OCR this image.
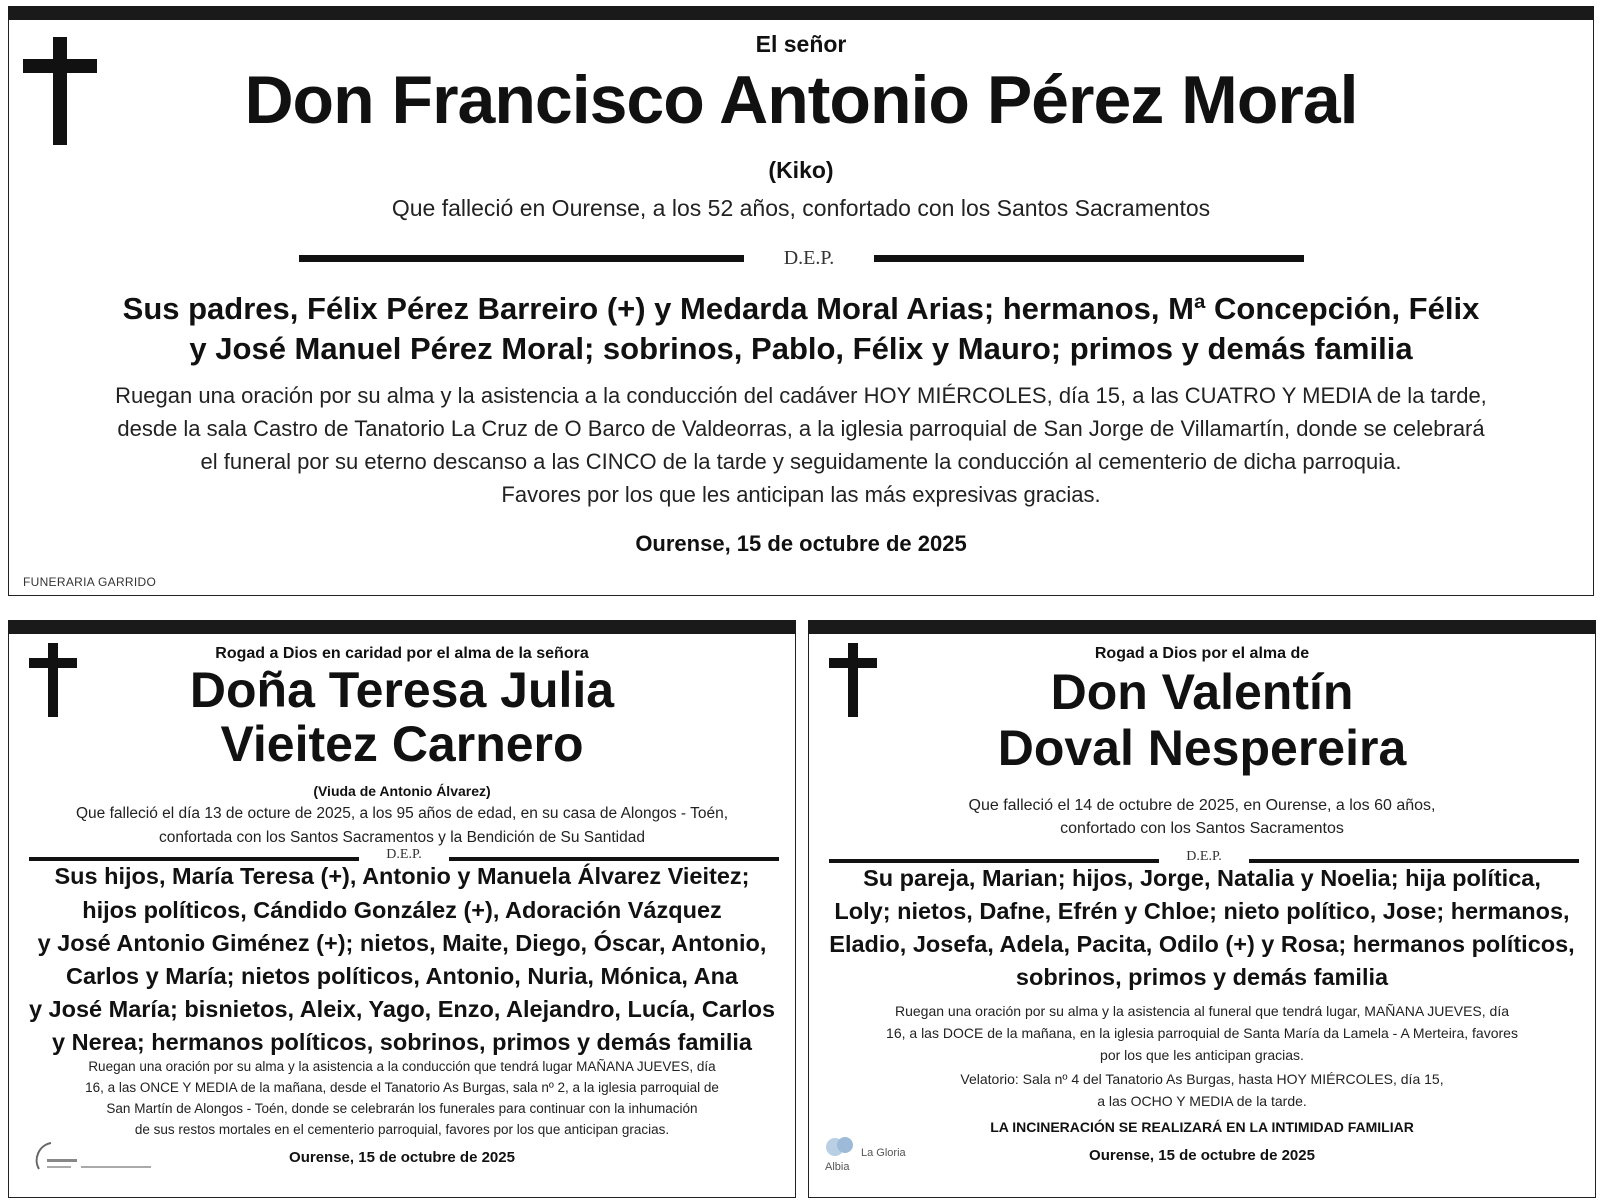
El señor
Don Francisco Antonio Pérez Moral
(Kiko)
Que falleció en Ourense, a los 52 años, confortado con los Santos Sacramentos
D.E.P.
Sus padres, Félix Pérez Barreiro (+) y Medarda Moral Arias; hermanos, Mª Concepción, Félix
y José Manuel Pérez Moral; sobrinos, Pablo, Félix y Mauro; primos y demás familia
Ruegan una oración por su alma y la asistencia a la conducción del cadáver HOY MIÉRCOLES, día 15, a las CUATRO Y MEDIA de la tarde,
desde la sala Castro de Tanatorio La Cruz de O Barco de Valdeorras, a la iglesia parroquial de San Jorge de Villamartín, donde se celebrará
el funeral por su eterno descanso a las CINCO de la tarde y seguidamente la conducción al cementerio de dicha parroquia.
Favores por los que les anticipan las más expresivas gracias.
Ourense, 15 de octubre de 2025
FUNERARIA GARRIDO
Rogad a Dios en caridad por el alma de la señora
Doña Teresa Julia
Vieitez Carnero
(Viuda de Antonio Álvarez)
Que falleció el día 13 de octure de 2025, a los 95 años de edad, en su casa de Alongos - Toén,
confortada con los Santos Sacramentos y la Bendición de Su Santidad
D.E.P.
Sus hijos, María Teresa (+), Antonio y Manuela Álvarez Vieitez;
hijos políticos, Cándido González (+), Adoración Vázquez
y José Antonio Giménez (+); nietos, Maite, Diego, Óscar, Antonio,
Carlos y María; nietos políticos, Antonio, Nuria, Mónica, Ana
y José María; bisnietos, Aleix, Yago, Enzo, Alejandro, Lucía, Carlos
y Nerea; hermanos políticos, sobrinos, primos y demás familia
Ruegan una oración por su alma y la asistencia a la conducción que tendrá lugar MAÑANA JUEVES, día
16, a las ONCE Y MEDIA de la mañana, desde el Tanatorio As Burgas, sala nº 2, a la iglesia parroquial de
San Martín de Alongos - Toén, donde se celebrarán los funerales para continuar con la inhumación
de sus restos mortales en el cementerio parroquial, favores por los que anticipan gracias.
Ourense, 15 de octubre de 2025
Rogad a Dios por el alma de
Don Valentín
Doval Nespereira
Que falleció el 14 de octubre de 2025, en Ourense, a los 60 años,
confortado con los Santos Sacramentos
D.E.P.
Su pareja, Marian; hijos, Jorge, Natalia y Noelia; hija política,
Loly; nietos, Dafne, Efrén y Chloe; nieto político, Jose; hermanos,
Eladio, Josefa, Adela, Pacita, Odilo (+) y Rosa; hermanos políticos,
sobrinos, primos y demás familia
Ruegan una oración por su alma y la asistencia al funeral que tendrá lugar, MAÑANA JUEVES, día
16, a las DOCE de la mañana, en la iglesia parroquial de Santa María da Lamela - A Merteira, favores
por los que les anticipan gracias.
Velatorio: Sala nº 4 del Tanatorio As Burgas, hasta HOY MIÉRCOLES, día 15,
a las OCHO Y MEDIA de la tarde.
LA INCINERACIÓN SE REALIZARÁ EN LA INTIMIDAD FAMILIAR
Ourense, 15 de octubre de 2025
Albia
La Gloria
